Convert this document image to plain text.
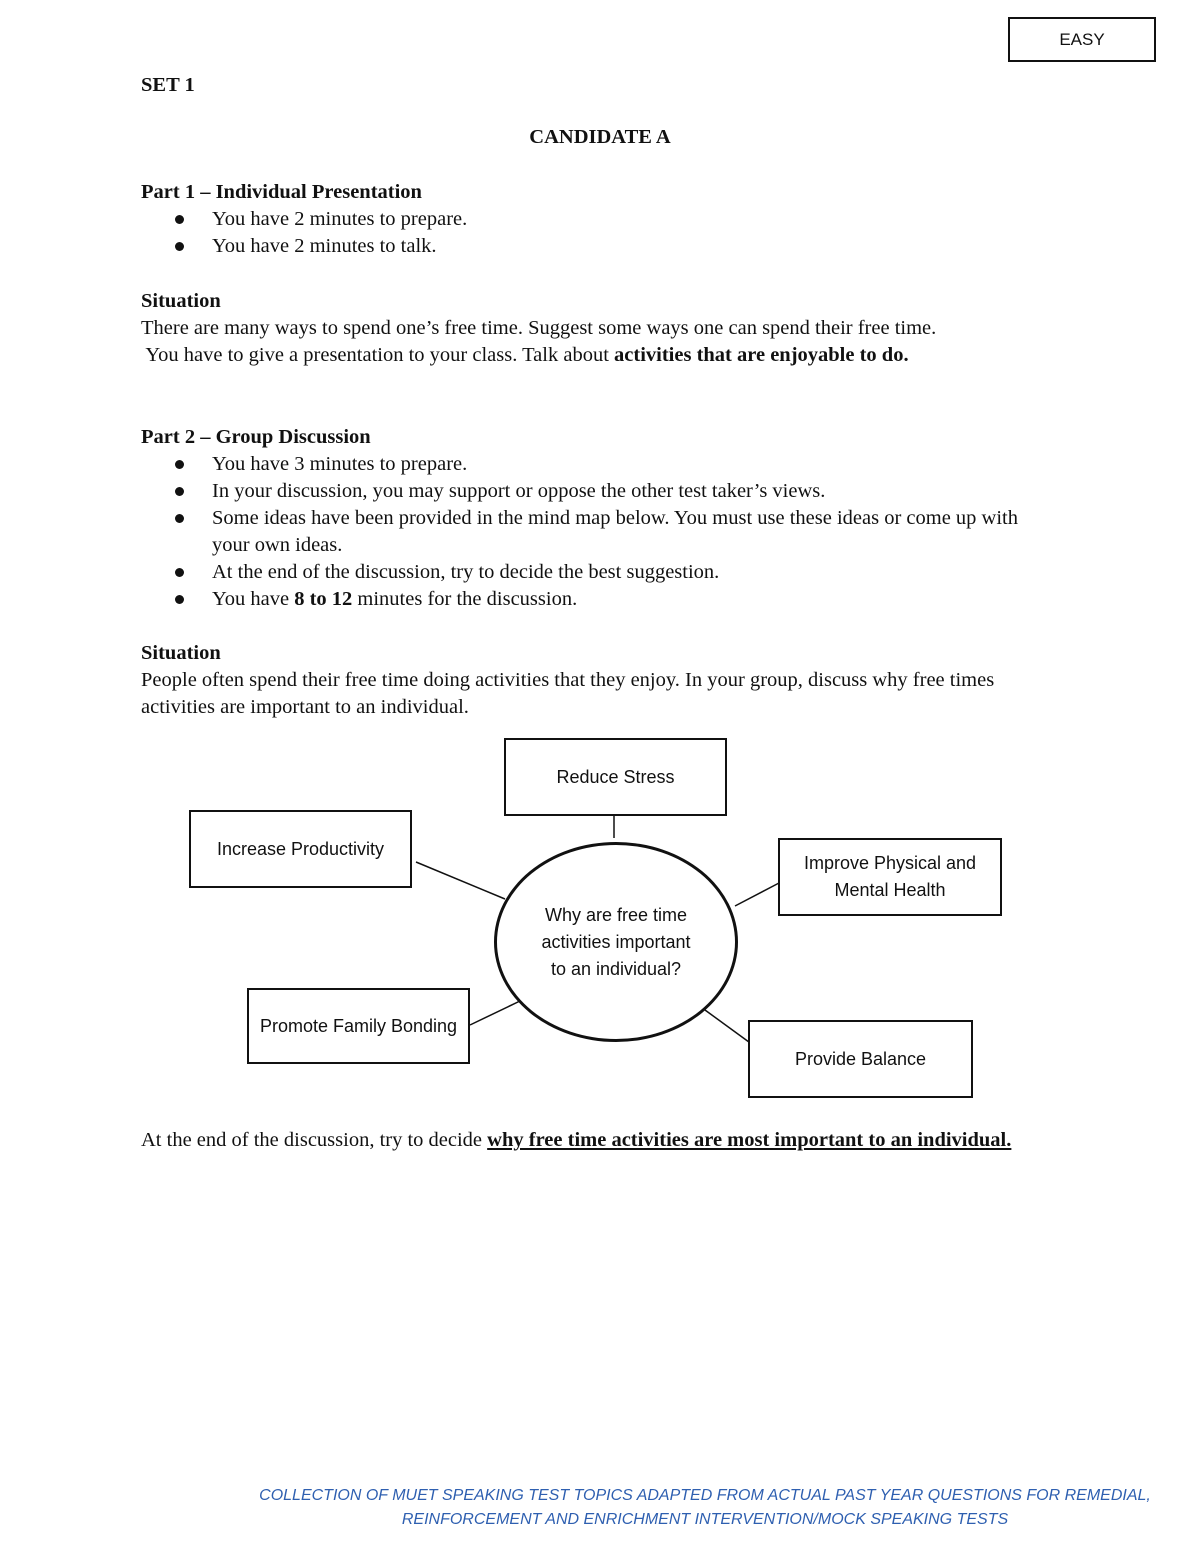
EASY
SET 1
CANDIDATE A
Part 1 – Individual Presentation
You have 2 minutes to prepare.
You have 2 minutes to talk.
Situation
There are many ways to spend one’s free time. Suggest some ways one can spend their free time.
You have to give a presentation to your class. Talk about activities that are enjoyable to do.
Part 2 – Group Discussion
You have 3 minutes to prepare.
In your discussion, you may support or oppose the other test taker’s views.
Some ideas have been provided in the mind map below. You must use these ideas or come up with your own ideas.
At the end of the discussion, try to decide the best suggestion.
You have 8 to 12 minutes for the discussion.
Situation
People often spend their free time doing activities that they enjoy. In your group, discuss why free times activities are important to an individual.
Reduce Stress
Increase Productivity
Improve Physical and Mental Health
Promote Family Bonding
Provide Balance
Why are free time activities important to an individual?
At the end of the discussion, try to decide why free time activities are most important to an individual.
COLLECTION OF MUET SPEAKING TEST TOPICS ADAPTED FROM ACTUAL PAST YEAR QUESTIONS FOR REMEDIAL, REINFORCEMENT AND ENRICHMENT INTERVENTION/MOCK SPEAKING TESTS
